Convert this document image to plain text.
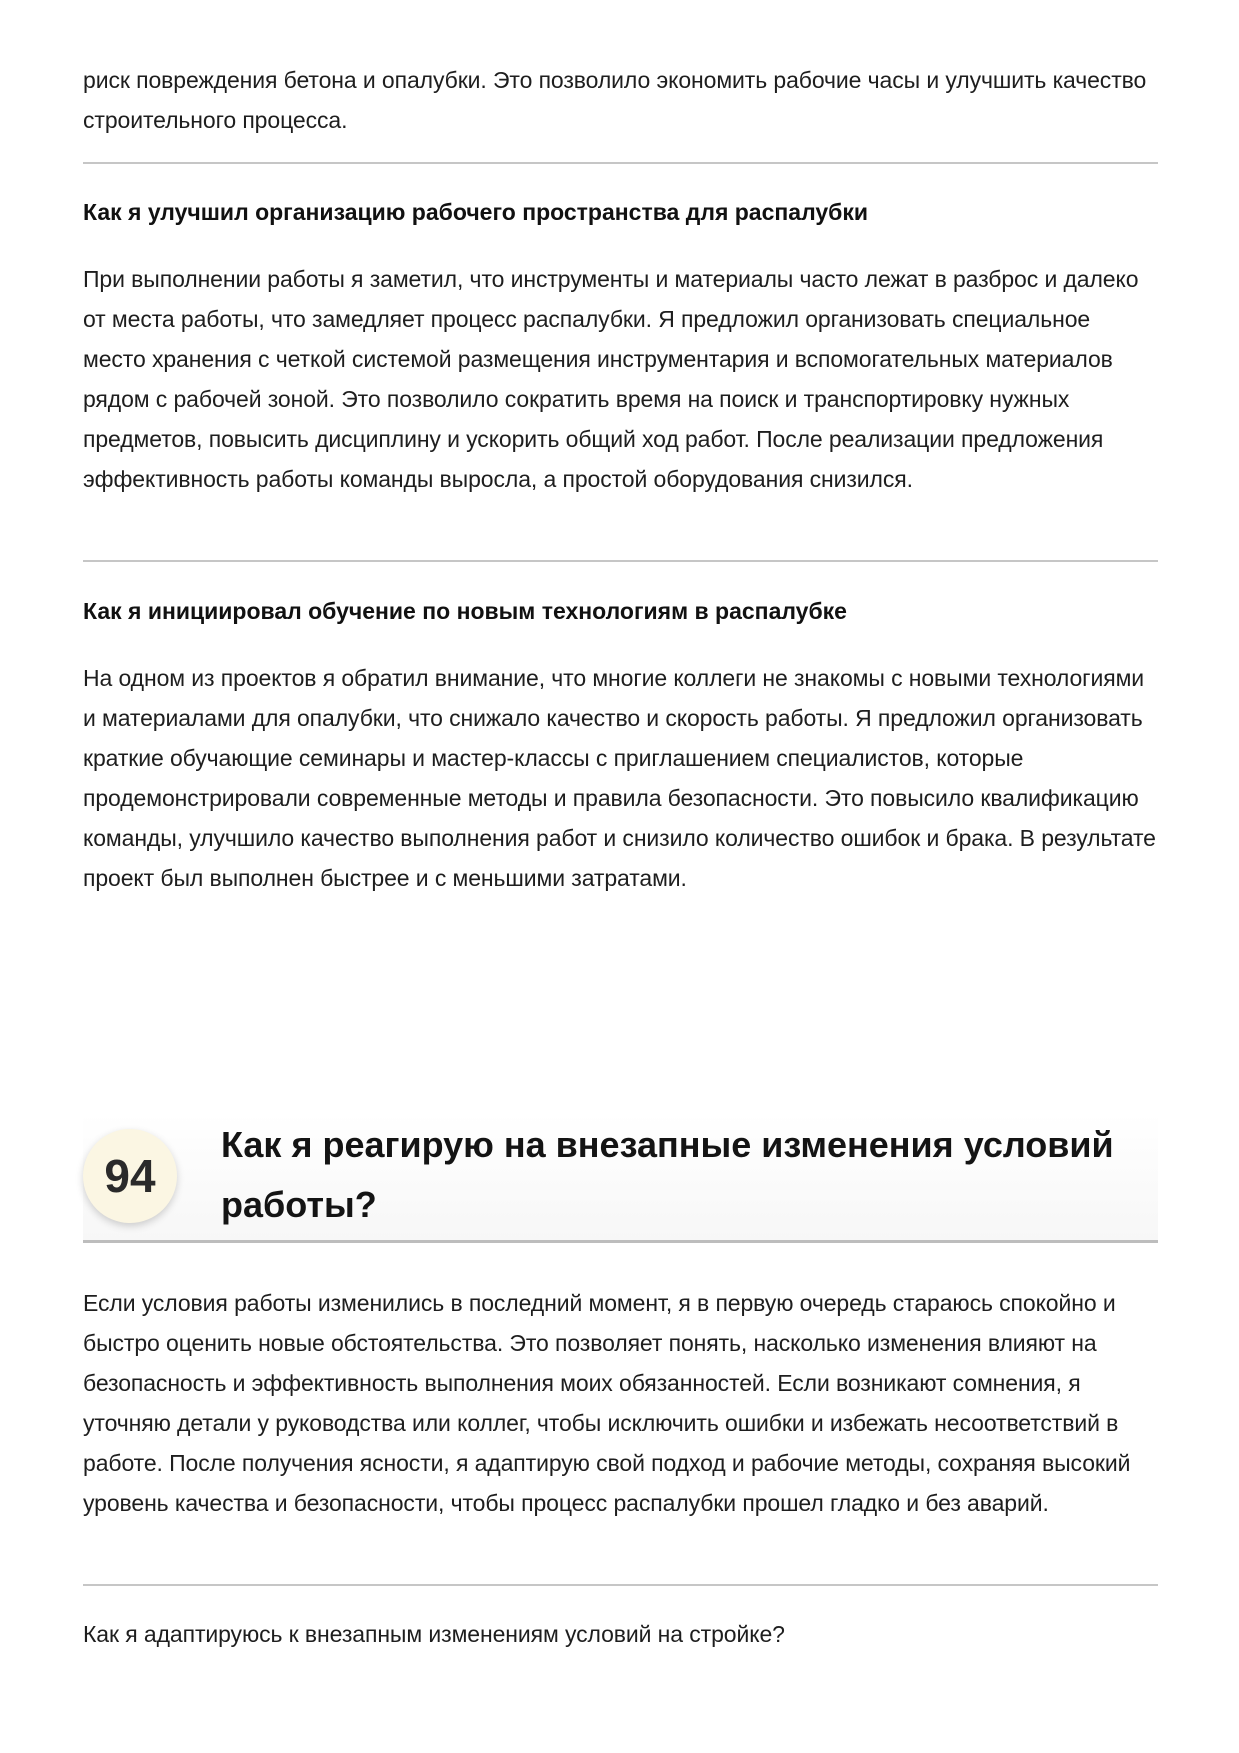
риск повреждения бетона и опалубки. Это позволило экономить рабочие часы и улучшить качество строительного процесса.

Как я улучшил организацию рабочего пространства для распалубки

При выполнении работы я заметил, что инструменты и материалы часто лежат в разброс и далеко от места работы, что замедляет процесс распалубки. Я предложил организовать специальное место хранения с четкой системой размещения инструментария и вспомогательных материалов рядом с рабочей зоной. Это позволило сократить время на поиск и транспортировку нужных предметов, повысить дисциплину и ускорить общий ход работ. После реализации предложения эффективность работы команды выросла, а простой оборудования снизился.

Как я инициировал обучение по новым технологиям в распалубке

На одном из проектов я обратил внимание, что многие коллеги не знакомы с новыми технологиями и материалами для опалубки, что снижало качество и скорость работы. Я предложил организовать краткие обучающие семинары и мастер-классы с приглашением специалистов, которые продемонстрировали современные методы и правила безопасности. Это повысило квалификацию команды, улучшило качество выполнения работ и снизило количество ошибок и брака. В результате проект был выполнен быстрее и с меньшими затратами.

94
Как я реагирую на внезапные изменения условий работы?

Если условия работы изменились в последний момент, я в первую очередь стараюсь спокойно и быстро оценить новые обстоятельства. Это позволяет понять, насколько изменения влияют на безопасность и эффективность выполнения моих обязанностей. Если возникают сомнения, я уточняю детали у руководства или коллег, чтобы исключить ошибки и избежать несоответствий в работе. После получения ясности, я адаптирую свой подход и рабочие методы, сохраняя высокий уровень качества и безопасности, чтобы процесс распалубки прошел гладко и без аварий.

Как я адаптируюсь к внезапным изменениям условий на стройке?
